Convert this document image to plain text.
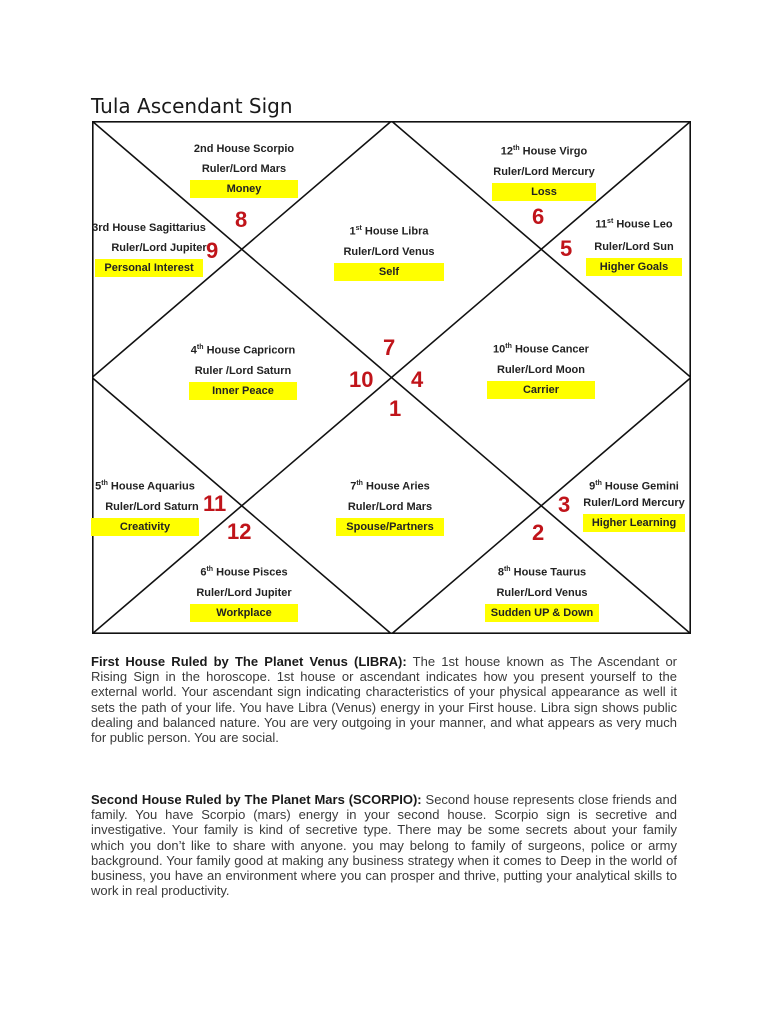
Tula Ascendant Sign
1st House Libra
Ruler/Lord Venus
Self
2nd House Scorpio
Ruler/Lord Mars
Money
3rd House Sagittarius
Ruler/Lord Jupiter
Personal Interest
4th House Capricorn
Ruler /Lord Saturn
Inner Peace
5th House Aquarius
Ruler/Lord Saturn
Creativity
6th House Pisces
Ruler/Lord Jupiter
Workplace
7th House Aries
Ruler/Lord Mars
Spouse/Partners
8th House Taurus
Ruler/Lord Venus
Sudden UP & Down
9th House Gemini
Ruler/Lord Mercury
Higher Learning
10th House Cancer
Ruler/Lord Moon
Carrier
11st House Leo
Ruler/Lord Sun
Higher Goals
12th House Virgo
Ruler/Lord Mercury
Loss
7
10 4
1
8
9
6
5
11
12
3
2
First House Ruled by The Planet Venus (LIBRA): The 1st house known as The Ascendant or Rising Sign in the horoscope. 1st house or ascendant indicates how you present yourself to the external world. Your ascendant sign indicating characteristics of your physical appearance as well it sets the path of your life. You have Libra (Venus) energy in your First house. Libra sign shows public dealing and balanced nature. You are very outgoing in your manner, and what appears as very much for public person. You are social.
Second House Ruled by The Planet Mars (SCORPIO): Second house represents close friends and family. You have Scorpio (mars) energy in your second house. Scorpio sign is secretive and investigative. Your family is kind of secretive type. There may be some secrets about your family which you don’t like to share with anyone. you may belong to family of surgeons, police or army background. Your family good at making any business strategy when it comes to Deep in the world of business, you have an environment where you can prosper and thrive, putting your analytical skills to work in real productivity.
